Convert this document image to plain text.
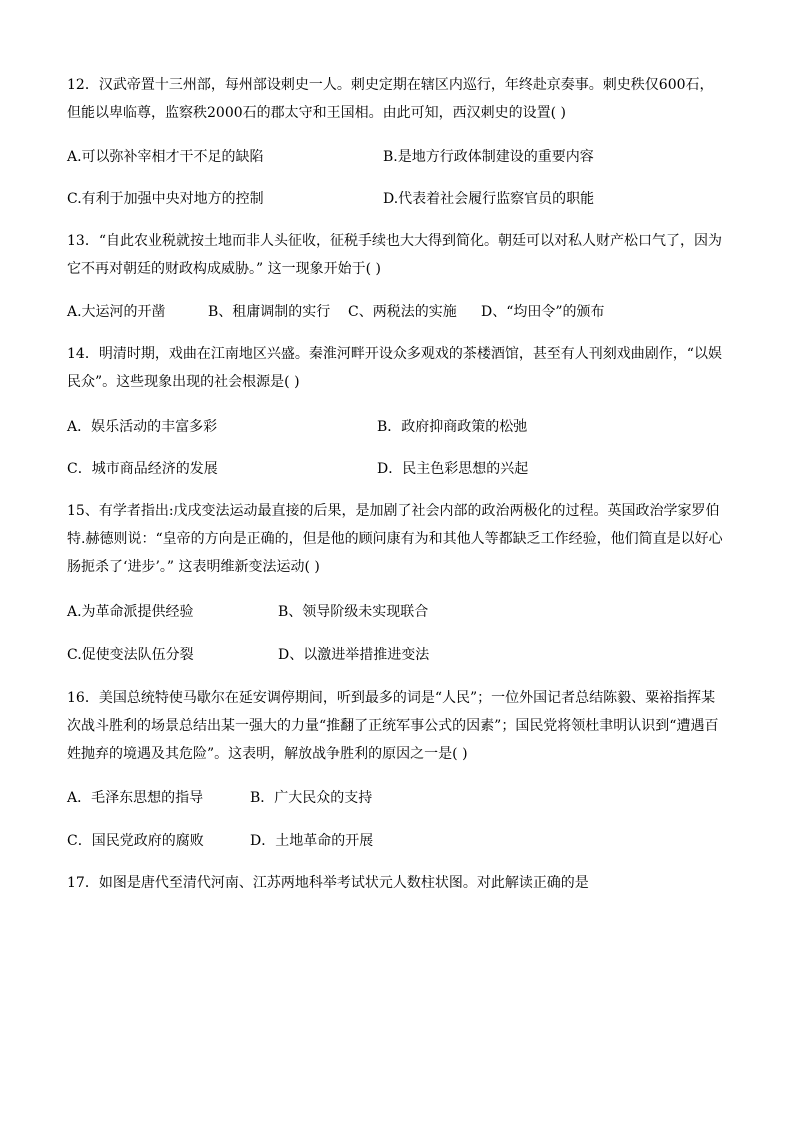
12．汉武帝置十三州部，每州部设刺史一人。刺史定期在辖区内巡行，年终赴京奏事。刺史秩仅600石，但能以卑临尊，监察秩2000石的郡太守和王国相。由此可知，西汉刺史的设置( )

A.可以弥补宰相才干不足的缺陷	B.是地方行政体制建设的重要内容
C.有利于加强中央对地方的控制	D.代表着社会履行监察官员的职能

13．“自此农业税就按土地而非人头征收，征税手续也大大得到简化。朝廷可以对私人财产松口气了，因为它不再对朝廷的财政构成威胁。” 这一现象开始于( )

A.大运河的开凿	B、租庸调制的实行 C、两税法的实施 D、“均田令”的颁布

14．明清时期，戏曲在江南地区兴盛。秦淮河畔开设众多观戏的茶楼酒馆，甚至有人刊刻戏曲剧作，“以娱民众”。这些现象出现的社会根源是( )

A．娱乐活动的丰富多彩	B．政府抑商政策的松弛
C．城市商品经济的发展	D．民主色彩思想的兴起

15、有学者指出:戊戌变法运动最直接的后果，是加剧了社会内部的政治两极化的过程。英国政治学家罗伯特.赫德则说：“皇帝的方向是正确的，但是他的顾问康有为和其他人等都缺乏工作经验，他们简直是以好心肠扼杀了‘进步’。” 这表明维新变法运动( )

A.为革命派提供经验	B、领导阶级未实现联合
C.促使变法队伍分裂	D、以激进举措推进变法

16．美国总统特使马歇尔在延安调停期间，听到最多的词是“人民”；一位外国记者总结陈毅、粟裕指挥某次战斗胜利的场景总结出某一强大的力量“推翻了正统军事公式的因素”；国民党将领杜聿明认识到“遭遇百姓抛弃的境遇及其危险”。这表明，解放战争胜利的原因之一是( )

A．毛泽东思想的指导	B．广大民众的支持
C．国民党政府的腐败	D．土地革命的开展

17．如图是唐代至清代河南、江苏两地科举考试状元人数柱状图。对此解读正确的是
